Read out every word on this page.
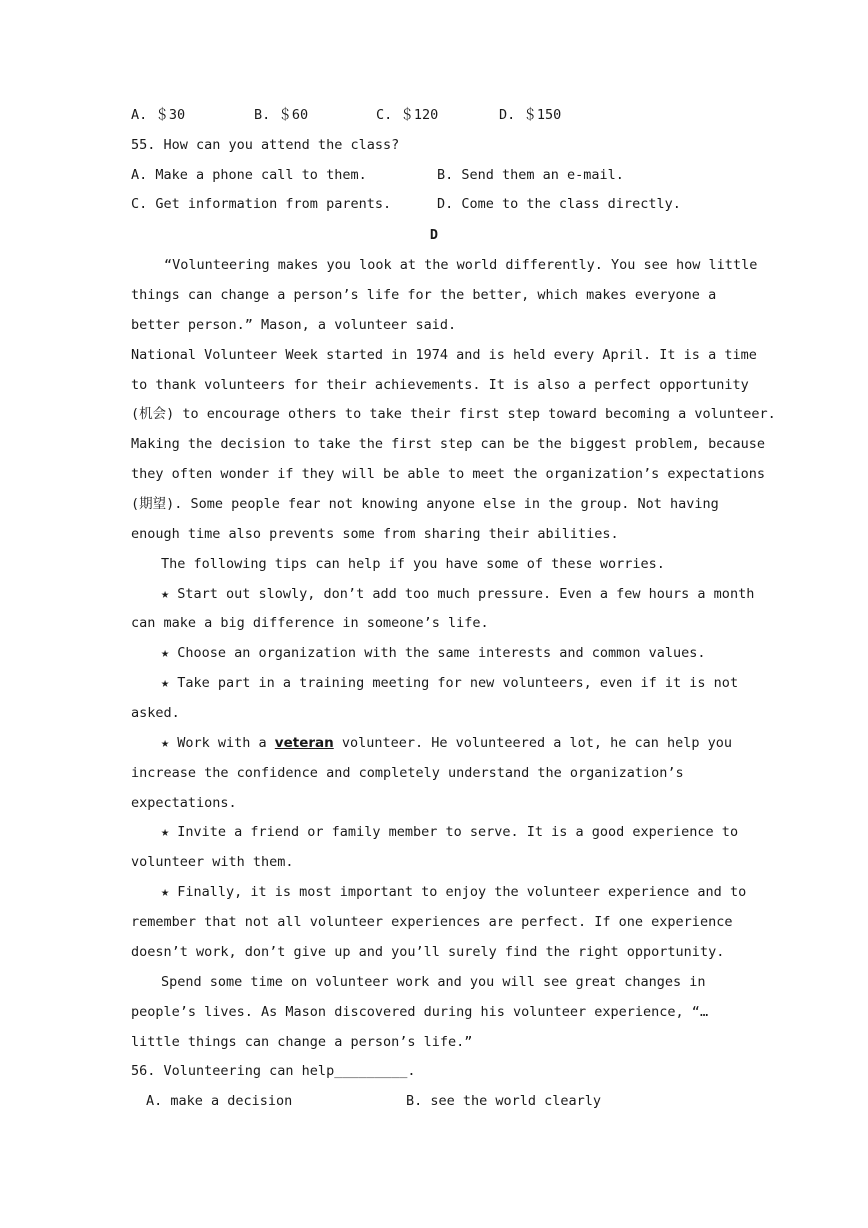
A. ＄30	B. ＄60	C. ＄120	D. ＄150
55. How can you attend the class?
A. Make a phone call to them.	B. Send them an e-mail.
C. Get information from parents.	D. Come to the class directly.
D
“Volunteering makes you look at the world differently. You see how little
things can change a person’s life for the better, which makes everyone a
better person.” Mason, a volunteer said.
National Volunteer Week started in 1974 and is held every April. It is a time
to thank volunteers for their achievements. It is also a perfect opportunity
(机会) to encourage others to take their first step toward becoming a volunteer.
Making the decision to take the first step can be the biggest problem, because
they often wonder if they will be able to meet the organization’s expectations
(期望). Some people fear not knowing anyone else in the group. Not having
enough time also prevents some from sharing their abilities.
The following tips can help if you have some of these worries.
★ Start out slowly, don’t add too much pressure. Even a few hours a month
can make a big difference in someone’s life.
★ Choose an organization with the same interests and common values.
★ Take part in a training meeting for new volunteers, even if it is not
asked.
★ Work with a veteran volunteer. He volunteered a lot, he can help you
increase the confidence and completely understand the organization’s
expectations.
★ Invite a friend or family member to serve. It is a good experience to
volunteer with them.
★ Finally, it is most important to enjoy the volunteer experience and to
remember that not all volunteer experiences are perfect. If one experience
doesn’t work, don’t give up and you’ll surely find the right opportunity.
Spend some time on volunteer work and you will see great changes in
people’s lives. As Mason discovered during his volunteer experience, “…
little things can change a person’s life.”
56. Volunteering can help_________.
A. make a decision	B. see the world clearly
